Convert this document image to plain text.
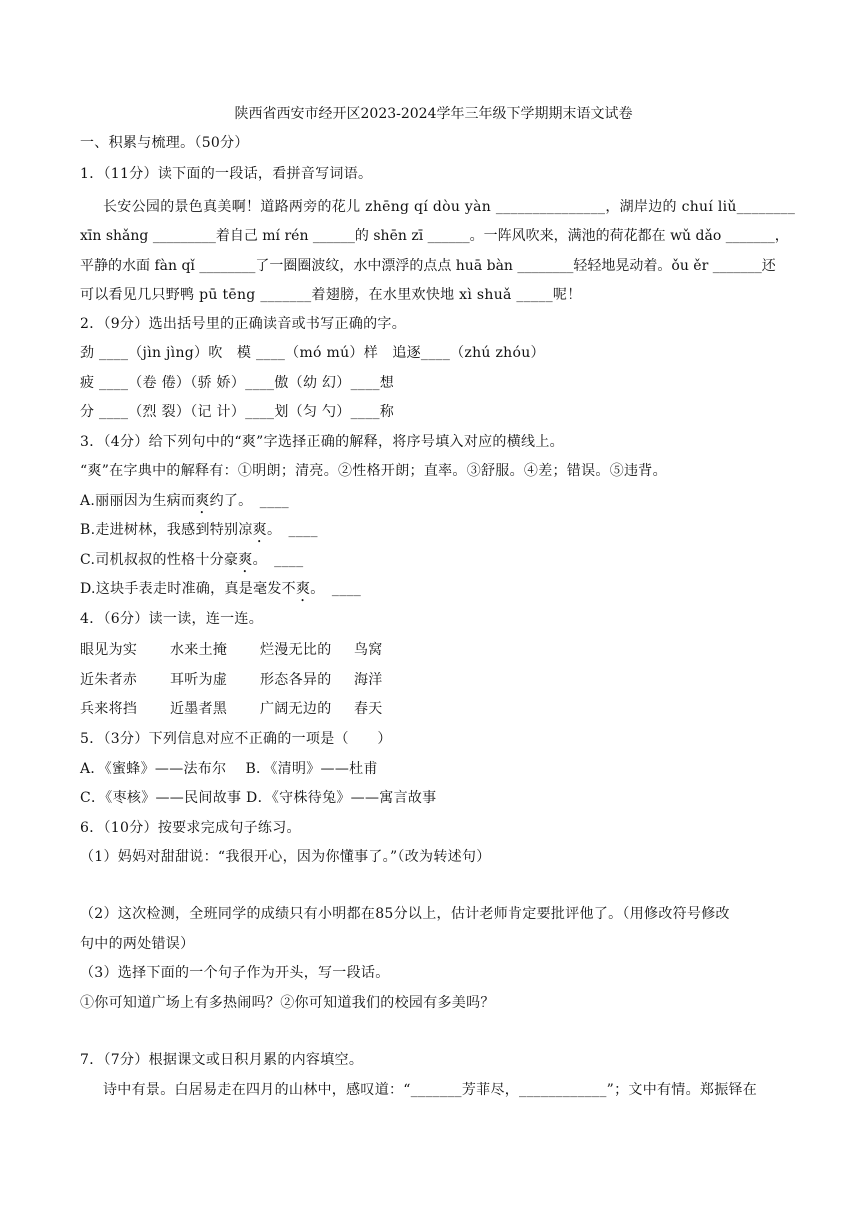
陕西省西安市经开区2023-2024学年三年级下学期期末语文试卷
一、积累与梳理。（50分）
1．（11分）读下面的一段话，看拼音写词语。
长安公园的景色真美啊！道路两旁的花儿 zhēng qí dòu yàn _______________，湖岸边的 chuí liǔ________
xīn shǎng _________着自己 mí rén ______的 shēn zī ______。一阵风吹来，满池的荷花都在 wǔ dǎo _______，
平静的水面 fàn qǐ ________了一圈圈波纹，水中漂浮的点点 huā bàn ________轻轻地晃动着。ǒu ěr _______还
可以看见几只野鸭 pū tēng _______着翅膀，在水里欢快地 xì shuǎ _____呢！
2．（9分）选出括号里的正确读音或书写正确的字。
劲 ____（jìn jìng）吹　模 ____（mó mú）样　追逐____（zhú zhóu）
疲 ____（卷 倦）（骄 娇）____傲（幼 幻）____想
分 ____（烈 裂）（记 计）____划（匀 勺）____称
3．（4分）给下列句中的“爽”字选择正确的解释，将序号填入对应的横线上。
“爽”在字典中的解释有：①明朗；清亮。②性格开朗；直率。③舒服。④差；错误。⑤违背。
A.丽丽因为生病而爽约了。　____
B.走进树林，我感到特别凉爽。　____
C.司机叔叔的性格十分豪爽。　____
D.这块手表走时准确，真是毫发不爽。　____
4．（6分）读一读，连一连。
眼见为实 水来土掩 烂漫无比的 鸟窝
近朱者赤 耳听为虚 形态各异的 海洋
兵来将挡 近墨者黑 广阔无边的 春天
5．（3分）下列信息对应不正确的一项是（　　）
A．《蜜蜂》——法布尔　 B．《清明》——杜甫
C．《枣核》——民间故事 D．《守株待兔》——寓言故事
6．（10分）按要求完成句子练习。
（1）妈妈对甜甜说：“我很开心，因为你懂事了。”（改为转述句）
（2）这次检测，全班同学的成绩只有小明都在85分以上，估计老师肯定要批评他了。（用修改符号修改
句中的两处错误）
（3）选择下面的一个句子作为开头，写一段话。
①你可知道广场上有多热闹吗？②你可知道我们的校园有多美吗？
7．（7分）根据课文或日积月累的内容填空。
诗中有景。白居易走在四月的山林中，感叹道：“_______芳菲尽，____________”；文中有情。郑振铎在
